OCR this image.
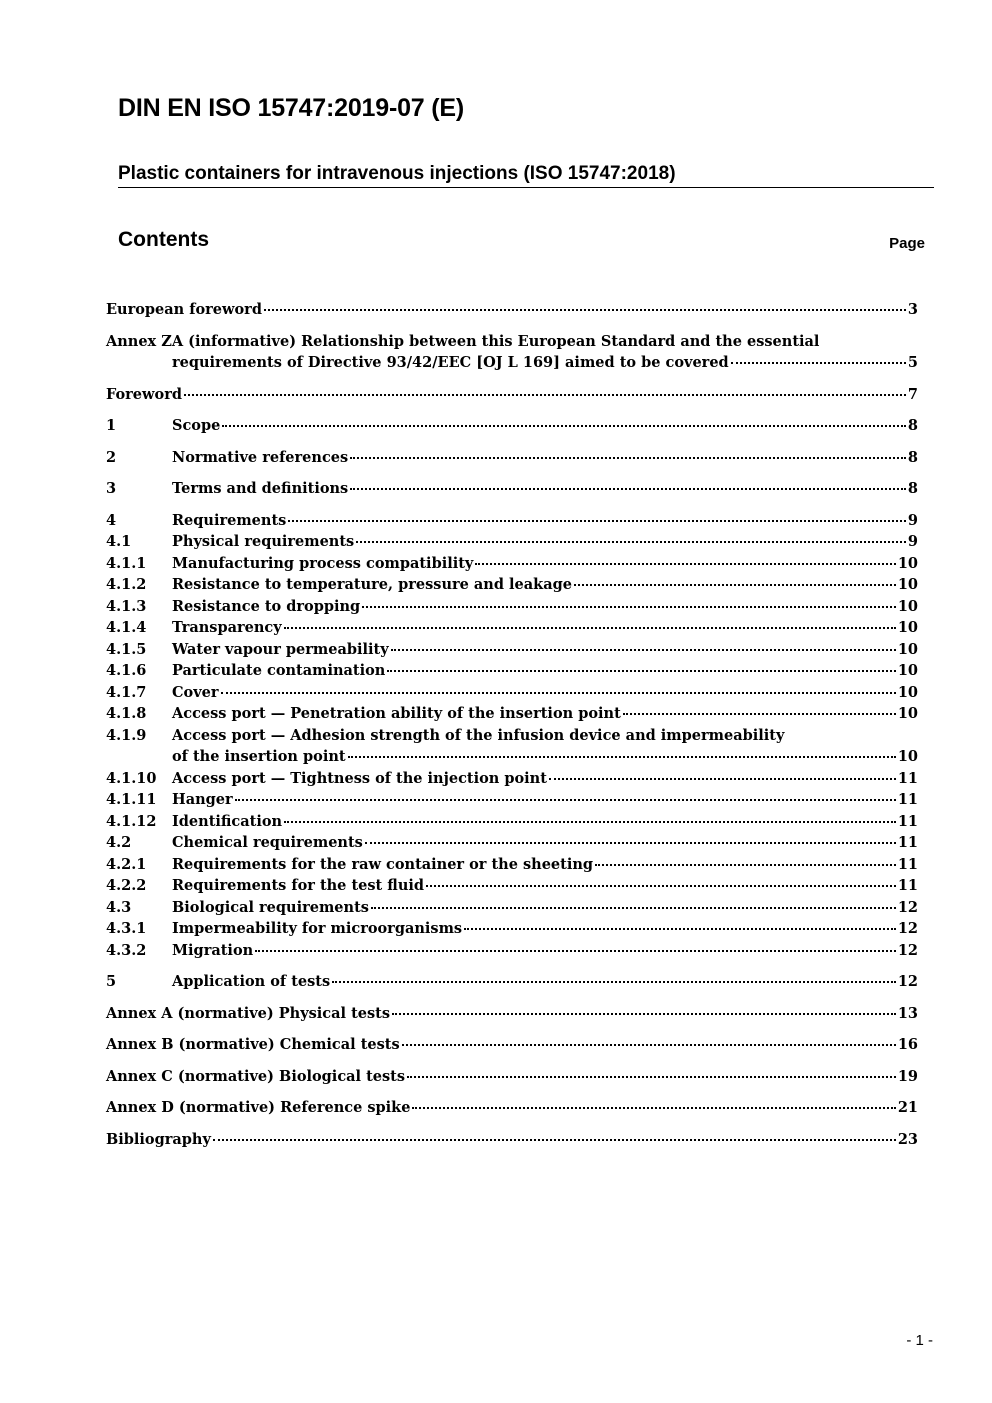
DIN EN ISO 15747:2019-07 (E)
Plastic containers for intravenous injections (ISO 15747:2018)
Contents	Page
European foreword	3
Annex ZA (informative) Relationship between this European Standard and the essential
requirements of Directive 93/42/EEC [OJ L 169] aimed to be covered	5
Foreword	7
1	Scope	8
2	Normative references	8
3	Terms and definitions	8
4	Requirements	9
4.1	Physical requirements	9
4.1.1	Manufacturing process compatibility	10
4.1.2	Resistance to temperature, pressure and leakage	10
4.1.3	Resistance to dropping	10
4.1.4	Transparency	10
4.1.5	Water vapour permeability	10
4.1.6	Particulate contamination	10
4.1.7	Cover	10
4.1.8	Access port — Penetration ability of the insertion point	10
4.1.9 Access port — Adhesion strength of the infusion device and impermeability
of the insertion point	10
4.1.10	Access port — Tightness of the injection point	11
4.1.11	Hanger	11
4.1.12	Identification	11
4.2	Chemical requirements	11
4.2.1	Requirements for the raw container or the sheeting	11
4.2.2	Requirements for the test fluid	11
4.3	Biological requirements	12
4.3.1	Impermeability for microorganisms	12
4.3.2	Migration	12
5	Application of tests	12
Annex A (normative) Physical tests	13
Annex B (normative) Chemical tests	16
Annex C (normative) Biological tests	19
Annex D (normative) Reference spike	21
Bibliography	23
- 1 -
